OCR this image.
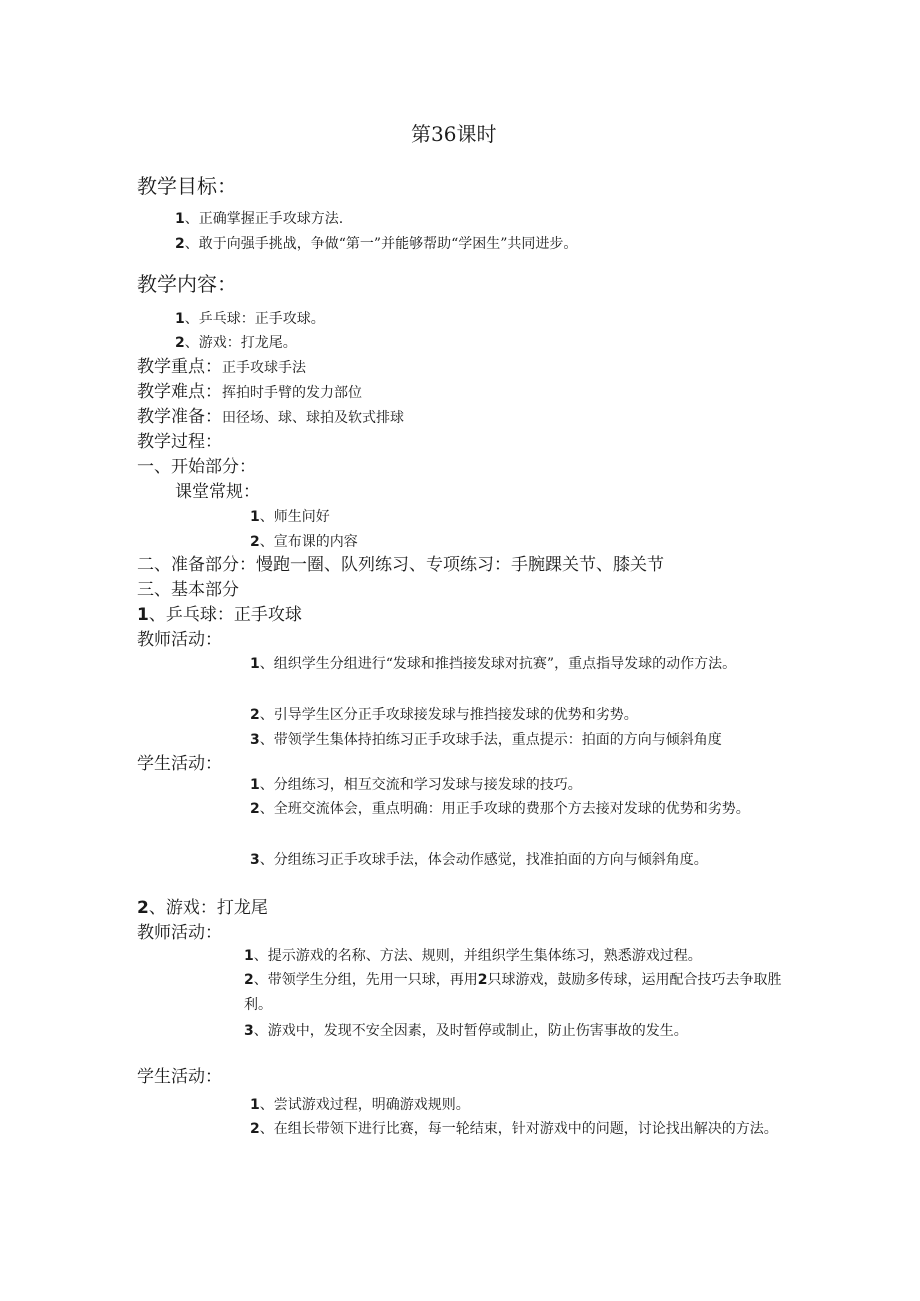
第36课时
教学目标：
1、正确掌握正手攻球方法.
2、敢于向强手挑战，争做“第一”并能够帮助“学困生”共同进步。
教学内容：
1、乒乓球：正手攻球。
2、游戏：打龙尾。
教学重点：正手攻球手法
教学难点：挥拍时手臂的发力部位
教学准备：田径场、球、球拍及软式排球
教学过程：
一、开始部分：
课堂常规：
1、师生问好
2、宣布课的内容
二、准备部分：慢跑一圈、队列练习、专项练习：手腕踝关节、膝关节
三、基本部分
1、乒乓球：正手攻球
教师活动：
1、组织学生分组进行“发球和推挡接发球对抗赛”，重点指导发球的动作方法。
2、引导学生区分正手攻球接发球与推挡接发球的优势和劣势。
3、带领学生集体持拍练习正手攻球手法，重点提示：拍面的方向与倾斜角度
学生活动：
1、分组练习，相互交流和学习发球与接发球的技巧。
2、全班交流体会，重点明确：用正手攻球的费那个方去接对发球的优势和劣势。
3、分组练习正手攻球手法，体会动作感觉，找准拍面的方向与倾斜角度。
2、游戏：打龙尾
教师活动：
1、提示游戏的名称、方法、规则，并组织学生集体练习，熟悉游戏过程。
2、带领学生分组，先用一只球，再用2只球游戏，鼓励多传球，运用配合技巧去争取胜利。
3、游戏中，发现不安全因素，及时暂停或制止，防止伤害事故的发生。
学生活动：
1、尝试游戏过程，明确游戏规则。
2、在组长带领下进行比赛，每一轮结束，针对游戏中的问题，讨论找出解决的方法。
